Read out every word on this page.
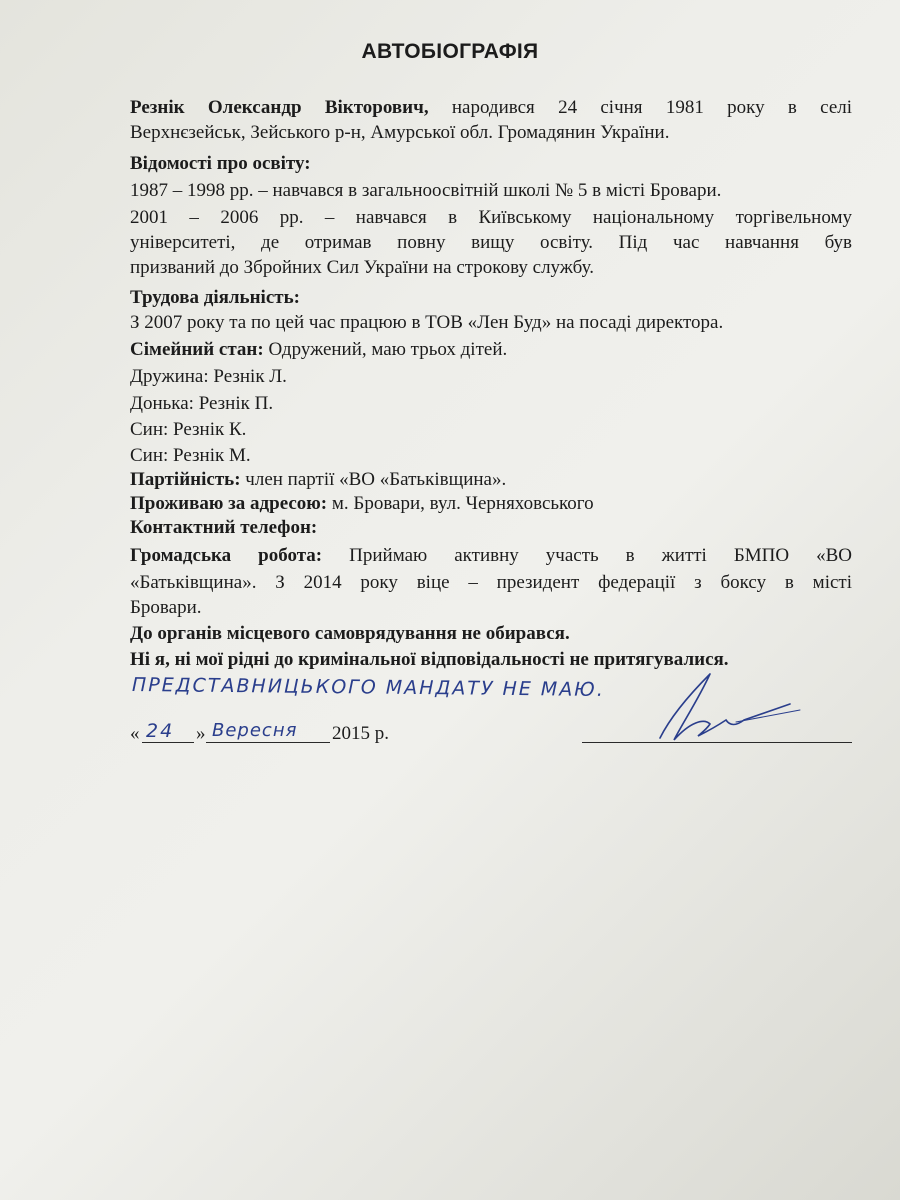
АВТОБІОГРАФІЯ
Резнік Олександр Вікторович, народився 24 січня 1981 року в селі
Верхнєзейськ, Зейського р-н, Амурської обл. Громадянин України.
Відомості про освіту:
1987 – 1998 рр. – навчався в загальноосвітній школі № 5 в місті Бровари.
2001 – 2006 рр. – навчався в Київському національному торгівельному
університеті, де отримав повну вищу освіту. Під час навчання був
призваний до Збройних Сил України на строкову службу.
Трудова діяльність:
З 2007 року та по цей час працюю в ТОВ «Лен Буд» на посаді директора.
Сімейний стан: Одружений, маю трьох дітей.
Дружина: Резнік Л.
Донька: Резнік П.
Син: Резнік К.
Син: Резнік М.
Партійність: член партії «ВО «Батьківщина».
Проживаю за адресою: м. Бровари, вул. Черняховського
Контактний телефон:
Громадська робота: Приймаю активну участь в житті БМПО «ВО
«Батьківщина». З 2014 року віце – президент федерації з боксу в місті
Бровари.
До органів місцевого самоврядування не обирався.
Ні я, ні мої рідні до кримінальної відповідальності не притягувалися.
ПРЕДСТАВНИЦЬКОГО МАНДАТУ НЕ МАЮ.
« 24 » Вересня 2015 р.
